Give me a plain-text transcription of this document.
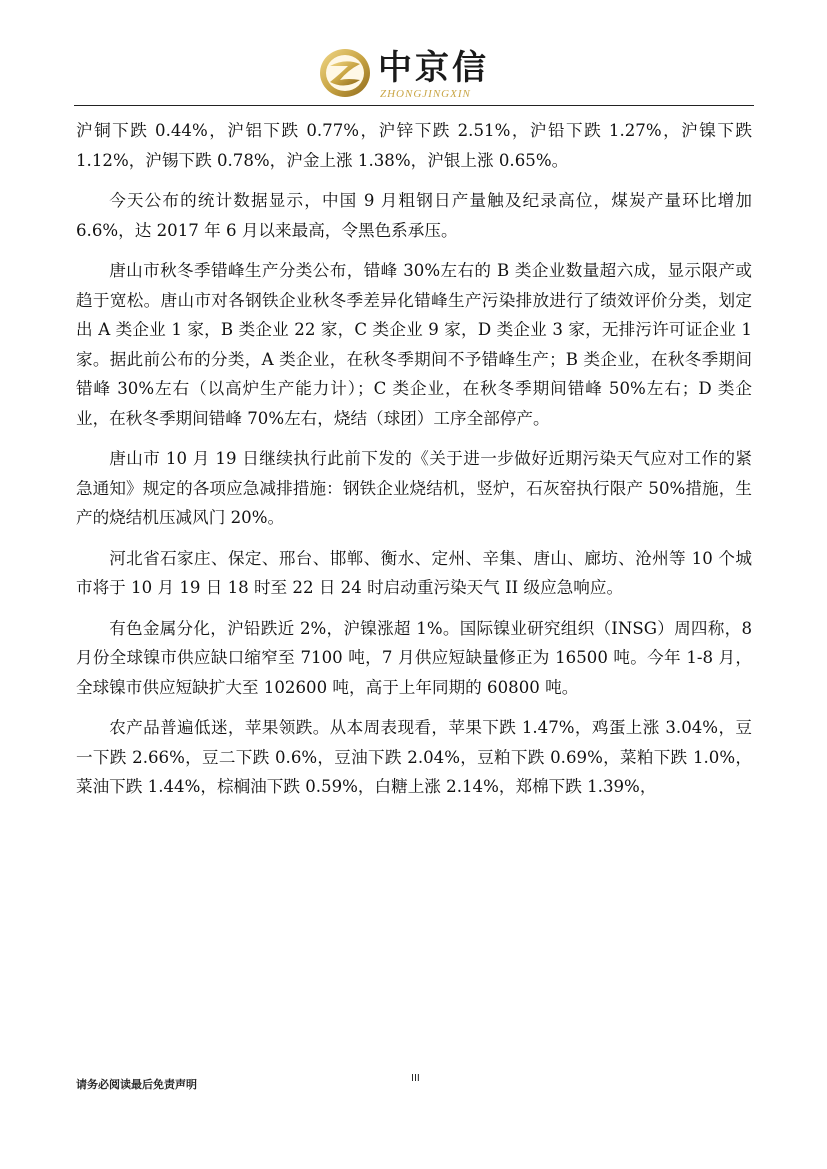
中京信
ZHONGJINGXIN

沪铜下跌 0.44%，沪铝下跌 0.77%，沪锌下跌 2.51%，沪铅下跌 1.27%，沪镍下跌 1.12%，沪锡下跌 0.78%，沪金上涨 1.38%，沪银上涨 0.65%。

今天公布的统计数据显示，中国 9 月粗钢日产量触及纪录高位，煤炭产量环比增加 6.6%，达 2017 年 6 月以来最高，令黑色系承压。

唐山市秋冬季错峰生产分类公布，错峰 30%左右的 B 类企业数量超六成，显示限产或趋于宽松。唐山市对各钢铁企业秋冬季差异化错峰生产污染排放进行了绩效评价分类，划定出 A 类企业 1 家，B 类企业 22 家，C 类企业 9 家，D 类企业 3 家，无排污许可证企业 1 家。据此前公布的分类，A 类企业，在秋冬季期间不予错峰生产；B 类企业，在秋冬季期间错峰 30%左右（以高炉生产能力计）；C 类企业，在秋冬季期间错峰 50%左右；D 类企业，在秋冬季期间错峰 70%左右，烧结（球团）工序全部停产。

唐山市 10 月 19 日继续执行此前下发的《关于进一步做好近期污染天气应对工作的紧急通知》规定的各项应急减排措施：钢铁企业烧结机，竖炉，石灰窑执行限产 50%措施，生产的烧结机压减风门 20%。

河北省石家庄、保定、邢台、邯郸、衡水、定州、辛集、唐山、廊坊、沧州等 10 个城市将于 10 月 19 日 18 时至 22 日 24 时启动重污染天气 II 级应急响应。

有色金属分化，沪铅跌近 2%，沪镍涨超 1%。国际镍业研究组织（INSG）周四称，8 月份全球镍市供应缺口缩窄至 7100 吨，7 月供应短缺量修正为 16500 吨。今年 1-8 月，全球镍市供应短缺扩大至 102600 吨，高于上年同期的 60800 吨。

农产品普遍低迷，苹果领跌。从本周表现看，苹果下跌 1.47%，鸡蛋上涨 3.04%，豆一下跌 2.66%，豆二下跌 0.6%，豆油下跌 2.04%，豆粕下跌 0.69%，菜粕下跌 1.0%，菜油下跌 1.44%，棕榈油下跌 0.59%，白糖上涨 2.14%，郑棉下跌 1.39%，

请务必阅读最后免责声明	III
